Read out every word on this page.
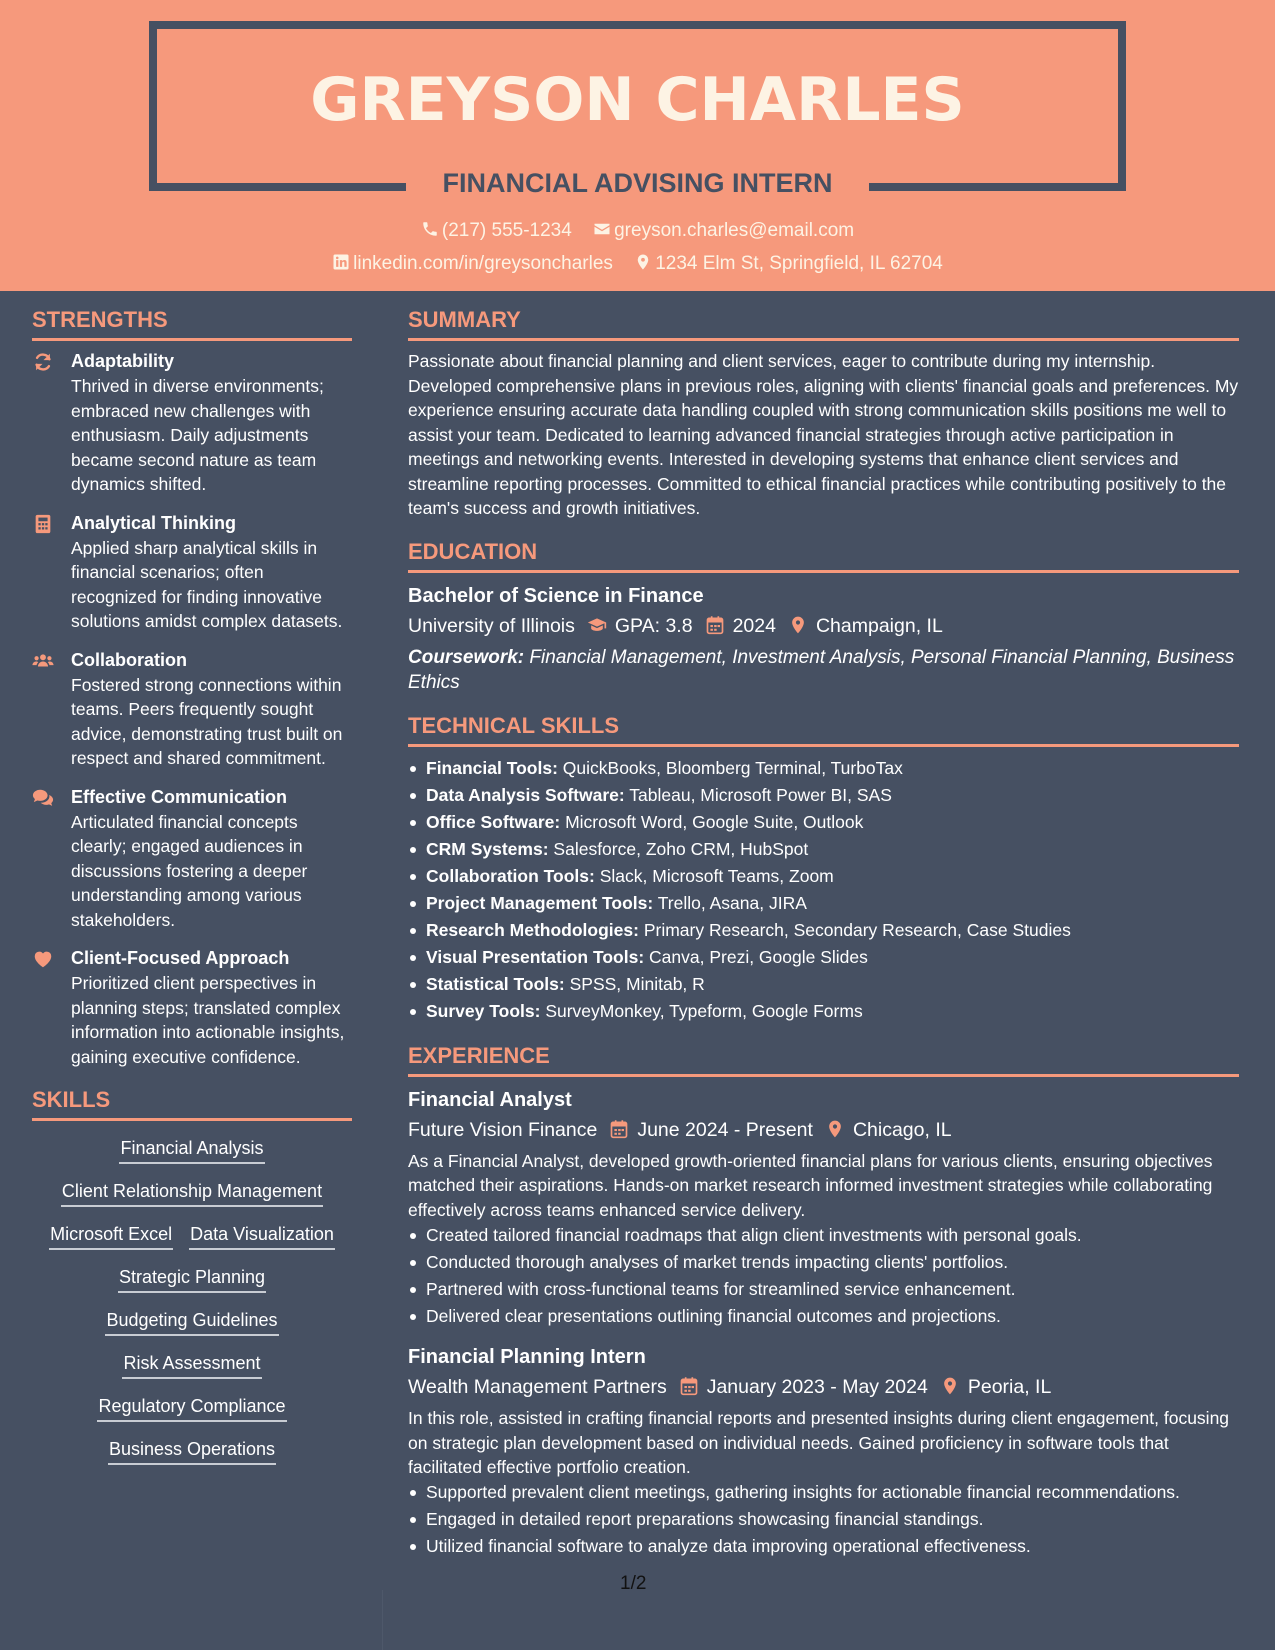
GREYSON CHARLES
FINANCIAL ADVISING INTERN
(217) 555-1234 greyson.charles@email.com
linkedin.com/in/greysoncharles 1234 Elm St, Springfield, IL 62704
STRENGTHS
Adaptability
Thrived in diverse environments; embraced new challenges with enthusiasm. Daily adjustments became second nature as team dynamics shifted.
Analytical Thinking
Applied sharp analytical skills in financial scenarios; often recognized for finding innovative solutions amidst complex datasets.
Collaboration
Fostered strong connections within teams. Peers frequently sought advice, demonstrating trust built on respect and shared commitment.
Effective Communication
Articulated financial concepts clearly; engaged audiences in discussions fostering a deeper understanding among various stakeholders.
Client-Focused Approach
Prioritized client perspectives in planning steps; translated complex information into actionable insights, gaining executive confidence.
SKILLS
Financial Analysis
Client Relationship Management
Microsoft Excel Data Visualization
Strategic Planning
Budgeting Guidelines
Risk Assessment
Regulatory Compliance
Business Operations
SUMMARY
Passionate about financial planning and client services, eager to contribute during my internship. Developed comprehensive plans in previous roles, aligning with clients' financial goals and preferences. My experience ensuring accurate data handling coupled with strong communication skills positions me well to assist your team. Dedicated to learning advanced financial strategies through active participation in meetings and networking events. Interested in developing systems that enhance client services and streamline reporting processes. Committed to ethical financial practices while contributing positively to the team's success and growth initiatives.
EDUCATION
Bachelor of Science in Finance
University of Illinois GPA: 3.8 2024 Champaign, IL
Coursework: Financial Management, Investment Analysis, Personal Financial Planning, Business Ethics
TECHNICAL SKILLS
Financial Tools: QuickBooks, Bloomberg Terminal, TurboTax
Data Analysis Software: Tableau, Microsoft Power BI, SAS
Office Software: Microsoft Word, Google Suite, Outlook
CRM Systems: Salesforce, Zoho CRM, HubSpot
Collaboration Tools: Slack, Microsoft Teams, Zoom
Project Management Tools: Trello, Asana, JIRA
Research Methodologies: Primary Research, Secondary Research, Case Studies
Visual Presentation Tools: Canva, Prezi, Google Slides
Statistical Tools: SPSS, Minitab, R
Survey Tools: SurveyMonkey, Typeform, Google Forms
EXPERIENCE
Financial Analyst
Future Vision Finance June 2024 - Present Chicago, IL
As a Financial Analyst, developed growth-oriented financial plans for various clients, ensuring objectives matched their aspirations. Hands-on market research informed investment strategies while collaborating effectively across teams enhanced service delivery.
Created tailored financial roadmaps that align client investments with personal goals.
Conducted thorough analyses of market trends impacting clients' portfolios.
Partnered with cross-functional teams for streamlined service enhancement.
Delivered clear presentations outlining financial outcomes and projections.
Financial Planning Intern
Wealth Management Partners January 2023 - May 2024 Peoria, IL
In this role, assisted in crafting financial reports and presented insights during client engagement, focusing on strategic plan development based on individual needs. Gained proficiency in software tools that facilitated effective portfolio creation.
Supported prevalent client meetings, gathering insights for actionable financial recommendations.
Engaged in detailed report preparations showcasing financial standings.
Utilized financial software to analyze data improving operational effectiveness.
1/2
